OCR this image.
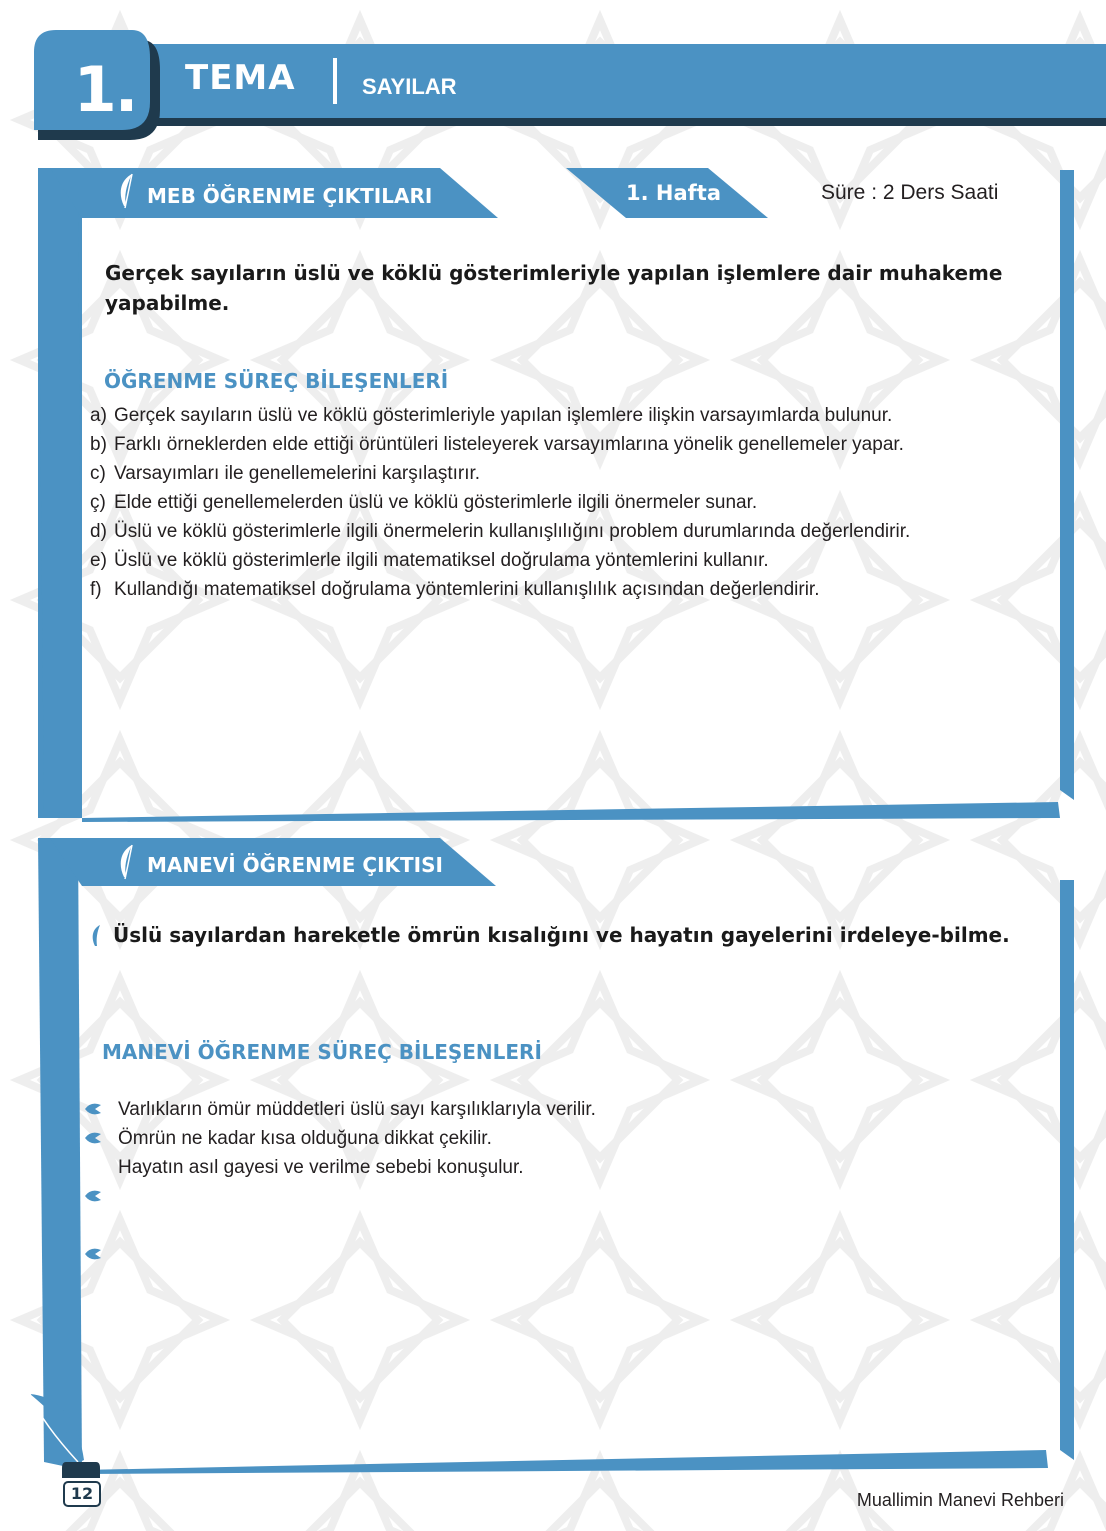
1.	TEMA	SAYILAR
MEB ÖĞRENME ÇIKTILARI	1. Hafta	Süre : 2 Ders Saati
Gerçek sayıların üslü ve köklü gösterimleriyle yapılan işlemlere dair muhakeme yapabilme.
ÖĞRENME SÜREÇ BİLEŞENLERİ
a) Gerçek sayıların üslü ve köklü gösterimleriyle yapılan işlemlere ilişkin varsayımlarda bulunur.
b) Farklı örneklerden elde ettiği örüntüleri listeleyerek varsayımlarına yönelik genellemeler yapar.
c) Varsayımları ile genellemelerini karşılaştırır.
ç) Elde ettiği genellemelerden üslü ve köklü gösterimlerle ilgili önermeler sunar.
d) Üslü ve köklü gösterimlerle ilgili önermelerin kullanışlılığını problem durumlarında değerlendirir.
e) Üslü ve köklü gösterimlerle ilgili matematiksel doğrulama yöntemlerini kullanır.
f) Kullandığı matematiksel doğrulama yöntemlerini kullanışlılık açısından değerlendirir.
MANEVİ ÖĞRENME ÇIKTISI
Üslü sayılardan hareketle ömrün kısalığını ve hayatın gayelerini irdeleye-bilme.
MANEVİ ÖĞRENME SÜREÇ BİLEŞENLERİ
Varlıkların ömür müddetleri üslü sayı karşılıklarıyla verilir.
Ömrün ne kadar kısa olduğuna dikkat çekilir.
Hayatın asıl gayesi ve verilme sebebi konuşulur.
12	Muallimin Manevi Rehberi
